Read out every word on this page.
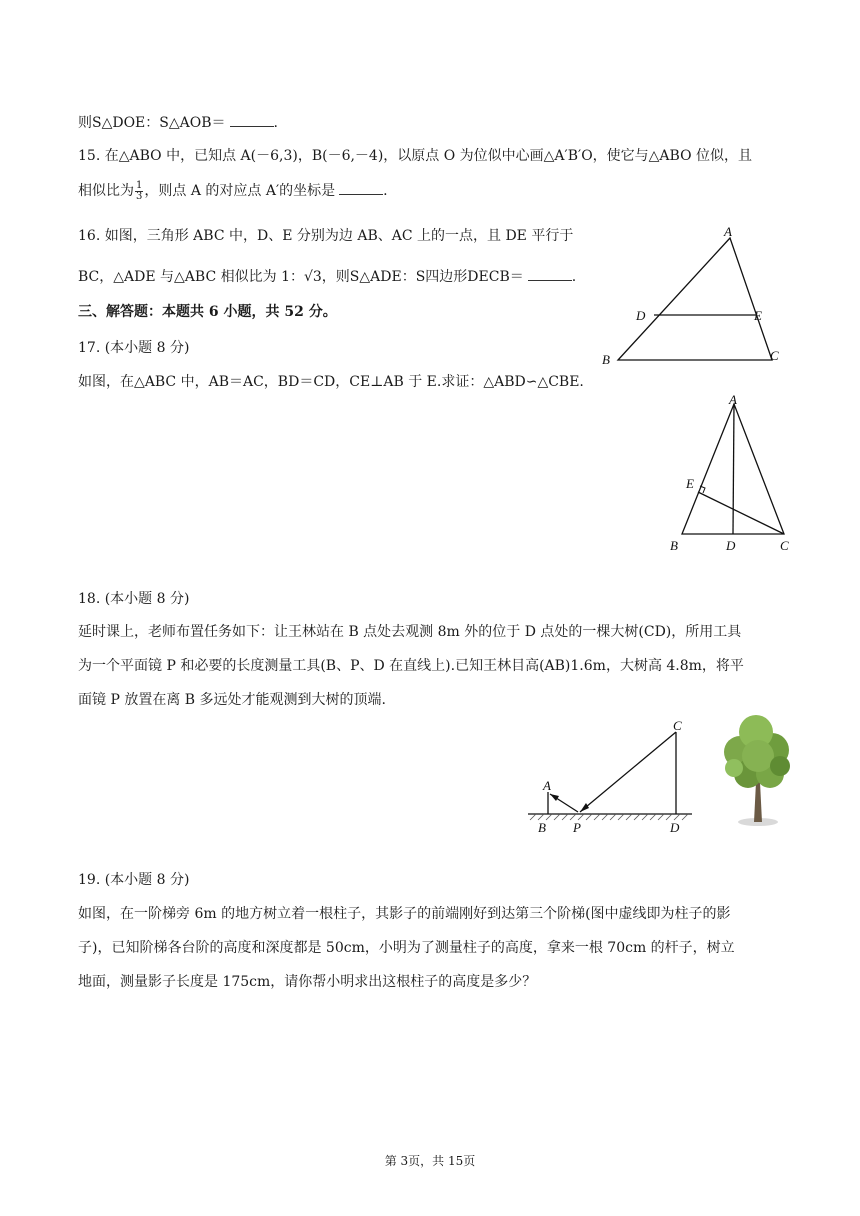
则S△DOE：S△AOB＝	.
15. 在△ABO 中，已知点 A(－6,3)，B(－6,－4)，以原点 O 为位似中心画△A′B′O，使它与△ABO 位似，且
相似比为 $\frac{1}{3}$ ，则点 A 的对应点 A′的坐标是	.
16. 如图，三角形 ABC 中，D、E 分别为边 AB、AC 上的一点，且 DE 平行于
BC，△ADE 与△ABC 相似比为 1：√3，则S△ADE：S四边形DECB＝	.
三、解答题：本题共 6 小题，共 52 分。
17. (本小题 8 分)
如图，在△ABC 中，AB＝AC，BD＝CD，CE⊥AB 于 E.求证：△ABD∽△CBE.
18. (本小题 8 分)
延时课上，老师布置任务如下：让王林站在 B 点处去观测 8m 外的位于 D 点处的一棵大树(CD)，所用工具
为一个平面镜 P 和必要的长度测量工具(B、P、D 在直线上).已知王林目高(AB)1.6m，大树高 4.8m，将平
面镜 P 放置在离 B 多远处才能观测到大树的顶端.
19. (本小题 8 分)
如图，在一阶梯旁 6m 的地方树立着一根柱子，其影子的前端刚好到达第三个阶梯(图中虚线即为柱子的影
子)，已知阶梯各台阶的高度和深度都是 50cm，小明为了测量柱子的高度，拿来一根 70cm 的杆子，树立
地面，测量影子长度是 175cm，请你帮小明求出这根柱子的高度是多少？
A
B	C
D	E
A
B	C
D
E
A
B
C
D
P
第 3页，共 15页
